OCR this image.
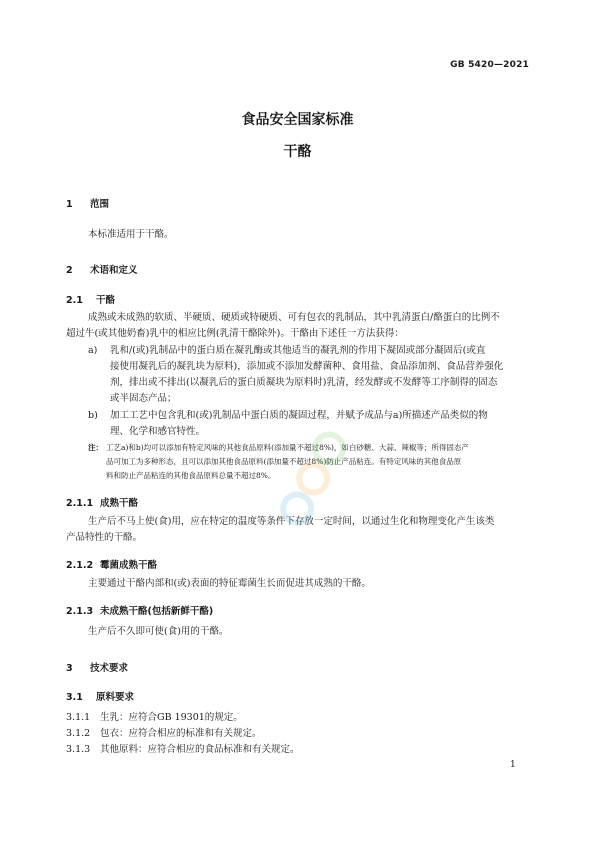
GB 5420—2021
食品安全国家标准
干酪
1 范围
本标准适用于干酪。
2 术语和定义
2.1 干酪
成熟或未成熟的软质、半硬质、硬质或特硬质、可有包衣的乳制品，其中乳清蛋白/酪蛋白的比例不
超过牛(或其他奶畜)乳中的相应比例(乳清干酪除外)。干酪由下述任一方法获得：
a) 乳和/(或)乳制品中的蛋白质在凝乳酶或其他适当的凝乳剂的作用下凝固或部分凝固后(或直
接使用凝乳后的凝乳块为原料)，添加或不添加发酵菌种、食用盐、食品添加剂、食品营养强化
剂，排出或不排出(以凝乳后的蛋白质凝块为原料时)乳清，经发酵或不发酵等工序制得的固态
或半固态产品；
b) 加工工艺中包含乳和(或)乳制品中蛋白质的凝固过程，并赋予成品与a)所描述产品类似的物
理、化学和感官特性。
注： 工艺a)和b)均可以添加有特定风味的其他食品原料(添加量不超过8%)，如白砂糖、大蒜、辣椒等；所得固态产
品可加工为多种形态，且可以添加其他食品原料(添加量不超过8%)防止产品粘连。有特定风味的其他食品原
料和防止产品粘连的其他食品原料总量不超过8%。
2.1.1 成熟干酪
生产后不马上使(食)用，应在特定的温度等条件下存放一定时间，以通过生化和物理变化产生该类
产品特性的干酪。
2.1.2 霉菌成熟干酪
主要通过干酪内部和(或)表面的特征霉菌生长而促进其成熟的干酪。
2.1.3 未成熟干酪(包括新鲜干酪)
生产后不久即可使(食)用的干酪。
3 技术要求
3.1 原料要求
3.1.1 生乳：应符合GB 19301的规定。
3.1.2 包衣：应符合相应的标准和有关规定。
3.1.3 其他原料：应符合相应的食品标准和有关规定。
1
